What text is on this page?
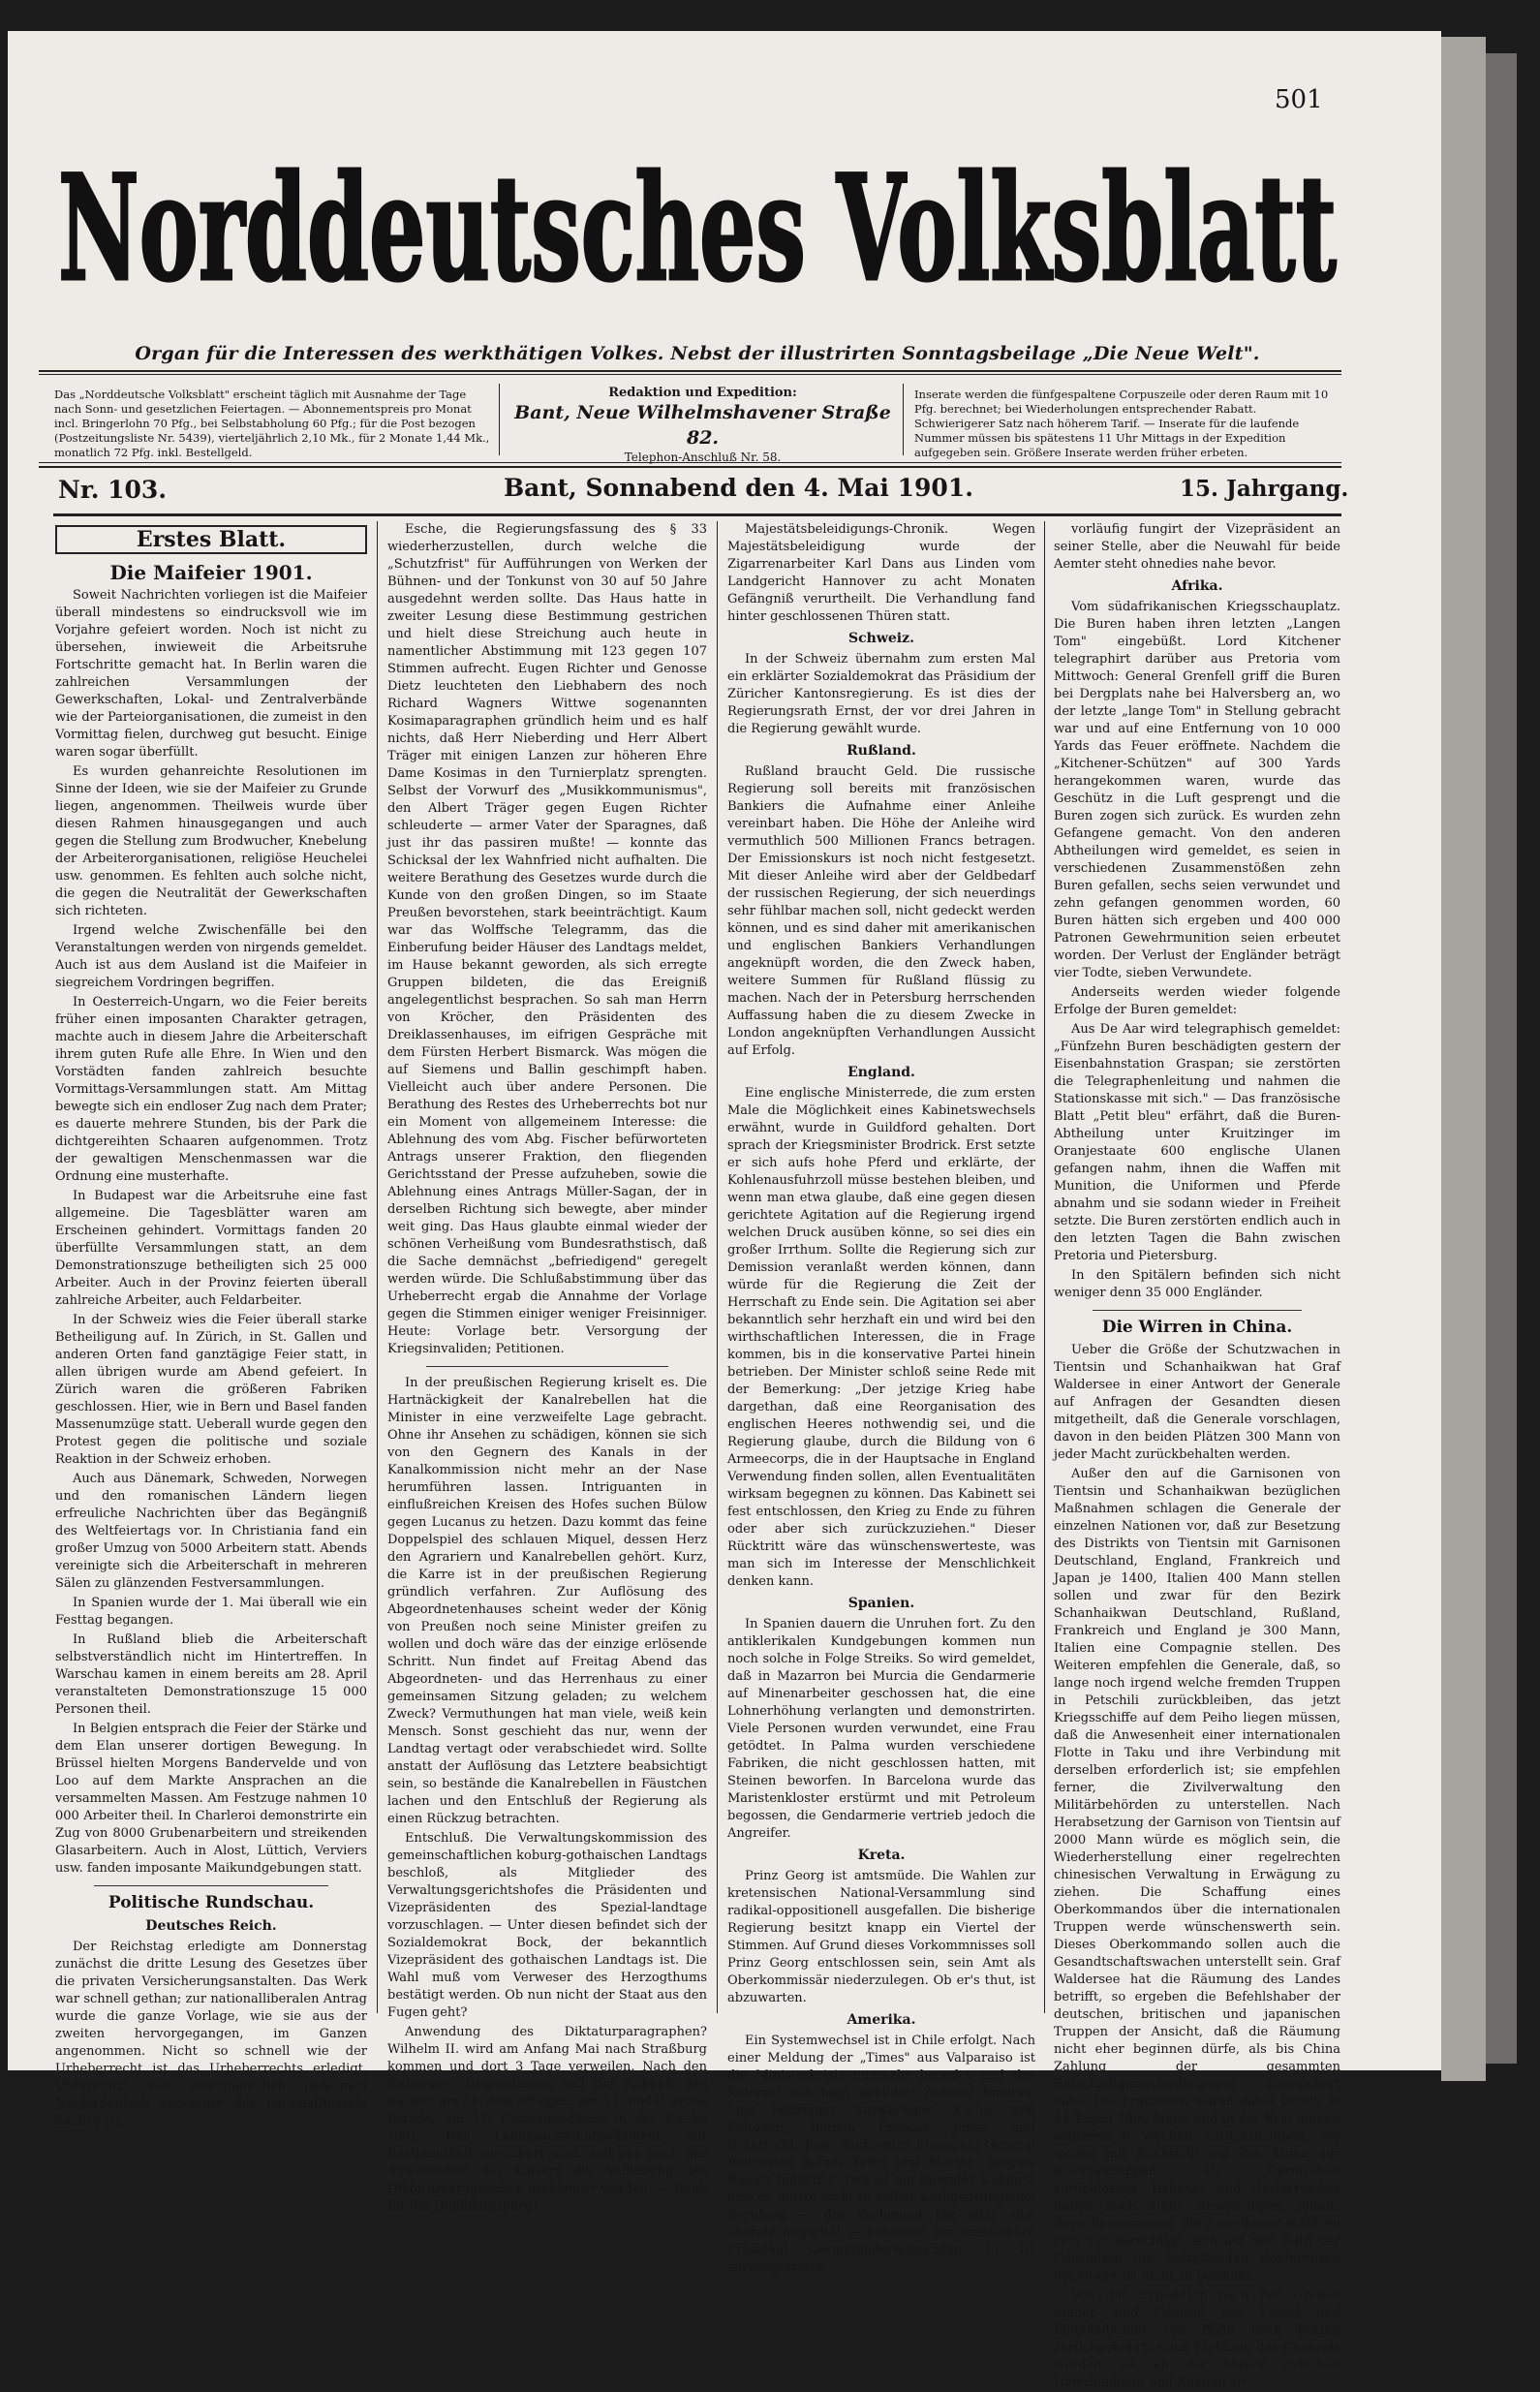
501
Norddeutsches Volksblatt
Organ für die Interessen des werkthätigen Volkes. Nebst der illustrirten Sonntagsbeilage „Die Neue Welt".
Das „Norddeutsche Volksblatt" erscheint täglich mit Ausnahme der Tage nach Sonn- und gesetzlichen Feiertagen. — Abonnementspreis pro Monat incl. Bringerlohn 70 Pfg., bei Selbstabholung 60 Pfg.; für die Post bezogen (Postzeitungsliste Nr. 5439), vierteljährlich 2,10 Mk., für 2 Monate 1,44 Mk., monatlich 72 Pfg. inkl. Bestellgeld.
Redaktion und Expedition:
Bant, Neue Wilhelmshavener Straße 82.
Telephon-Anschluß Nr. 58.
Inserate werden die fünfgespaltene Corpuszeile oder deren Raum mit 10 Pfg. berechnet; bei Wiederholungen entsprechender Rabatt. Schwierigerer Satz nach höherem Tarif. — Inserate für die laufende Nummer müssen bis spätestens 11 Uhr Mittags in der Expedition aufgegeben sein. Größere Inserate werden früher erbeten.
Nr. 103.	Bant, Sonnabend den 4. Mai 1901.	15. Jahrgang.
Erstes Blatt.
Die Maifeier 1901.

Soweit Nachrichten vorliegen ist die Maifeier überall mindestens so eindrucksvoll wie im Vorjahre gefeiert worden. Noch ist nicht zu übersehen, inwieweit die Arbeitsruhe Fortschritte gemacht hat. In Berlin waren die zahlreichen Versammlungen der Gewerkschaften, Lokal- und Zentralverbände wie der Parteiorganisationen, die zumeist in den Vormittag fielen, durchweg gut besucht. Einige waren sogar überfüllt.

Es wurden gehanreichte Resolutionen im Sinne der Ideen, wie sie der Maifeier zu Grunde liegen, angenommen. Theilweis wurde über diesen Rahmen hinausgegangen und auch gegen die Stellung zum Brodwucher, Knebelung der Arbeiterorganisationen, religiöse Heuchelei usw. genommen. Es fehlten auch solche nicht, die gegen die Neutralität der Gewerkschaften sich richteten.

Irgend welche Zwischenfälle bei den Veranstaltungen werden von nirgends gemeldet. Auch ist aus dem Ausland ist die Maifeier in siegreichem Vordringen begriffen.

In Oesterreich-Ungarn, wo die Feier bereits früher einen imposanten Charakter getragen, machte auch in diesem Jahre die Arbeiterschaft ihrem guten Rufe alle Ehre. In Wien und den Vorstädten fanden zahlreich besuchte Vormittags-Versammlungen statt. Am Mittag bewegte sich ein endloser Zug nach dem Prater; es dauerte mehrere Stunden, bis der Park die dichtgereihten Schaaren aufgenommen. Trotz der gewaltigen Menschenmassen war die Ordnung eine musterhafte.

In Budapest war die Arbeitsruhe eine fast allgemeine. Die Tagesblätter waren am Erscheinen gehindert. Vormittags fanden 20 überfüllte Versammlungen statt, an dem Demonstrationszuge betheiligten sich 25 000 Arbeiter. Auch in der Provinz feierten überall zahlreiche Arbeiter, auch Feldarbeiter.

In der Schweiz wies die Feier überall starke Betheiligung auf. In Zürich, in St. Gallen und anderen Orten fand ganztägige Feier statt, in allen übrigen wurde am Abend gefeiert. In Zürich waren die größeren Fabriken geschlossen. Hier, wie in Bern und Basel fanden Massenumzüge statt. Ueberall wurde gegen den Protest gegen die politische und soziale Reaktion in der Schweiz erhoben.

Auch aus Dänemark, Schweden, Norwegen und den romanischen Ländern liegen erfreuliche Nachrichten über das Begängniß des Weltfeiertags vor. In Christiania fand ein großer Umzug von 5000 Arbeitern statt. Abends vereinigte sich die Arbeiterschaft in mehreren Sälen zu glänzenden Festversammlungen.

In Spanien wurde der 1. Mai überall wie ein Festtag begangen.

In Rußland blieb die Arbeiterschaft selbstverständlich nicht im Hintertreffen. In Warschau kamen in einem bereits am 28. April veranstalteten Demonstrationszuge 15 000 Personen theil.

In Belgien entsprach die Feier der Stärke und dem Elan unserer dortigen Bewegung. In Brüssel hielten Morgens Bandervelde und von Loo auf dem Markte Ansprachen an die versammelten Massen. Am Festzuge nahmen 10 000 Arbeiter theil. In Charleroi demonstrirte ein Zug von 8000 Grubenarbeitern und streikenden Glasarbeitern. Auch in Alost, Lüttich, Verviers usw. fanden imposante Maikundgebungen statt.

Politische Rundschau.
Deutsches Reich.

Der Reichstag erledigte am Donnerstag zunächst die dritte Lesung des Gesetzes über die privaten Versicherungsanstalten. Das Werk war schnell gethan; zur nationalliberalen Antrag wurde die ganze Vorlage, wie sie aus der zweiten hervorgegangen, im Ganzen angenommen. Nicht so schnell wie der Urheberrecht ist das Urheberrechts erledigt. Unterstützt von unschuldvollen geheimen Niederdeutsch versuchte der nationalliberale Sachse Dr.

Esche, die Regierungsfassung des § 33 wiederherzustellen, durch welche die „Schutzfrist" für Aufführungen von Werken der Bühnen- und der Tonkunst von 30 auf 50 Jahre ausgedehnt werden sollte. Das Haus hatte in zweiter Lesung diese Bestimmung gestrichen und hielt diese Streichung auch heute in namentlicher Abstimmung mit 123 gegen 107 Stimmen aufrecht. Eugen Richter und Genosse Dietz leuchteten den Liebhabern des noch Richard Wagners Wittwe sogenannten Kosimaparagraphen gründlich heim und es half nichts, daß Herr Nieberding und Herr Albert Träger mit einigen Lanzen zur höheren Ehre Dame Kosimas in den Turnierplatz sprengten. Selbst der Vorwurf des „Musikkommunismus", den Albert Träger gegen Eugen Richter schleuderte — armer Vater der Sparagnes, daß just ihr das passiren mußte! — konnte das Schicksal der lex Wahnfried nicht aufhalten. Die weitere Berathung des Gesetzes wurde durch die Kunde von den großen Dingen, so im Staate Preußen bevorstehen, stark beeinträchtigt. Kaum war das Wolffsche Telegramm, das die Einberufung beider Häuser des Landtags meldet, im Hause bekannt geworden, als sich erregte Gruppen bildeten, die das Ereigniß angelegentlichst besprachen. So sah man Herrn von Kröcher, den Präsidenten des Dreiklassenhauses, im eifrigen Gespräche mit dem Fürsten Herbert Bismarck. Was mögen die auf Siemens und Ballin geschimpft haben. Vielleicht auch über andere Personen. Die Berathung des Restes des Urheberrechts bot nur ein Moment von allgemeinem Interesse: die Ablehnung des vom Abg. Fischer befürworteten Antrags unserer Fraktion, den fliegenden Gerichtsstand der Presse aufzuheben, sowie die Ablehnung eines Antrags Müller-Sagan, der in derselben Richtung sich bewegte, aber minder weit ging. Das Haus glaubte einmal wieder der schönen Verheißung vom Bundesrathstisch, daß die Sache demnächst „befriedigend" geregelt werden würde. Die Schlußabstimmung über das Urheberrecht ergab die Annahme der Vorlage gegen die Stimmen einiger weniger Freisinniger. Heute: Vorlage betr. Versorgung der Kriegsinvaliden; Petitionen.

In der preußischen Regierung kriselt es. Die Hartnäckigkeit der Kanalrebellen hat die Minister in eine verzweifelte Lage gebracht. Ohne ihr Ansehen zu schädigen, können sie sich von den Gegnern des Kanals in der Kanalkommission nicht mehr an der Nase herumführen lassen. Intriguanten in einflußreichen Kreisen des Hofes suchen Bülow gegen Lucanus zu hetzen. Dazu kommt das feine Doppelspiel des schlauen Miquel, dessen Herz den Agrariern und Kanalrebellen gehört. Kurz, die Karre ist in der preußischen Regierung gründlich verfahren. Zur Auflösung des Abgeordnetenhauses scheint weder der König von Preußen noch seine Minister greifen zu wollen und doch wäre das der einzige erlösende Schritt. Nun findet auf Freitag Abend das Abgeordneten- und das Herrenhaus zu einer gemeinsamen Sitzung geladen; zu welchem Zweck? Vermuthungen hat man viele, weiß kein Mensch. Sonst geschieht das nur, wenn der Landtag vertagt oder verabschiedet wird. Sollte anstatt der Auflösung das Letztere beabsichtigt sein, so bestände die Kanalrebellen in Fäustchen lachen und den Entschluß der Regierung als einen Rückzug betrachten.

Entschluß. Die Verwaltungskommission des gemeinschaftlichen koburg-gothaischen Landtags beschloß, als Mitglieder des Verwaltungsgerichtshofes die Präsidenten und Vizepräsidenten des Spezial-landtage vorzuschlagen. — Unter diesen befindet sich der Sozialdemokrat Bock, der bekanntlich Vizepräsident des gothaischen Landtags ist. Die Wahl muß vom Verweser des Herzogthums bestätigt werden. Ob nun nicht der Staat aus den Fugen geht?

Anwendung des Diktaturparagraphen? Wilhelm II. wird am Anfang Mai nach Straßburg kommen und dort 3 Tage verweilen. Nach den bisherigen Dispositionen soll die Ankunft des Kaisers am 10. Mai erfolgen; am 11. findet große Parade, am 12. Festgottesdienst in der Kirche statt. Der Landesausschußpräsident mit Bestimmtheit versichert wird, soll nun auch der Anwesenheit des Kaisers die Aufhebung des Diktaturparagraphen proklamirt werden. — Dank für die Hohkönigsburg!

Majestätsbeleidigungs-Chronik. Wegen Majestätsbeleidigung wurde der Zigarrenarbeiter Karl Dans aus Linden vom Landgericht Hannover zu acht Monaten Gefängniß verurtheilt. Die Verhandlung fand hinter geschlossenen Thüren statt.

Schweiz.

In der Schweiz übernahm zum ersten Mal ein erklärter Sozialdemokrat das Präsidium der Züricher Kantonsregierung. Es ist dies der Regierungsrath Ernst, der vor drei Jahren in die Regierung gewählt wurde.

Rußland.

Rußland braucht Geld. Die russische Regierung soll bereits mit französischen Bankiers die Aufnahme einer Anleihe vereinbart haben. Die Höhe der Anleihe wird vermuthlich 500 Millionen Francs betragen. Der Emissionskurs ist noch nicht festgesetzt. Mit dieser Anleihe wird aber der Geldbedarf der russischen Regierung, der sich neuerdings sehr fühlbar machen soll, nicht gedeckt werden können, und es sind daher mit amerikanischen und englischen Bankiers Verhandlungen angeknüpft worden, die den Zweck haben, weitere Summen für Rußland flüssig zu machen. Nach der in Petersburg herrschenden Auffassung haben die zu diesem Zwecke in London angeknüpften Verhandlungen Aussicht auf Erfolg.

England.

Eine englische Ministerrede, die zum ersten Male die Möglichkeit eines Kabinetswechsels erwähnt, wurde in Guildford gehalten. Dort sprach der Kriegsminister Brodrick. Erst setzte er sich aufs hohe Pferd und erklärte, der Kohlenausfuhrzoll müsse bestehen bleiben, und wenn man etwa glaube, daß eine gegen diesen gerichtete Agitation auf die Regierung irgend welchen Druck ausüben könne, so sei dies ein großer Irrthum. Sollte die Regierung sich zur Demission veranlaßt werden können, dann würde für die Regierung die Zeit der Herrschaft zu Ende sein. Die Agitation sei aber bekanntlich sehr herzhaft ein und wird bei den wirthschaftlichen Interessen, die in Frage kommen, bis in die konservative Partei hinein betrieben. Der Minister schloß seine Rede mit der Bemerkung: „Der jetzige Krieg habe dargethan, daß eine Reorganisation des englischen Heeres nothwendig sei, und die Regierung glaube, durch die Bildung von 6 Armeecorps, die in der Hauptsache in England Verwendung finden sollen, allen Eventualitäten wirksam begegnen zu können. Das Kabinett sei fest entschlossen, den Krieg zu Ende zu führen oder aber sich zurückzuziehen." Dieser Rücktritt wäre das wünschenswerteste, was man sich im Interesse der Menschlichkeit denken kann.

Spanien.

In Spanien dauern die Unruhen fort. Zu den antiklerikalen Kundgebungen kommen nun noch solche in Folge Streiks. So wird gemeldet, daß in Mazarron bei Murcia die Gendarmerie auf Minenarbeiter geschossen hat, die eine Lohnerhöhung verlangten und demonstrirten. Viele Personen wurden verwundet, eine Frau getödtet. In Palma wurden verschiedene Fabriken, die nicht geschlossen hatten, mit Steinen beworfen. In Barcelona wurde das Maristenkloster erstürmt und mit Petroleum begossen, die Gendarmerie vertrieb jedoch die Angreifer.

Kreta.

Prinz Georg ist amtsmüde. Die Wahlen zur kretensischen National-Versammlung sind radikal-oppositionell ausgefallen. Die bisherige Regierung besitzt knapp ein Viertel der Stimmen. Auf Grund dieses Vorkommnisses soll Prinz Georg entschlossen sein, sein Amt als Oberkommissär niederzulegen. Ob er's thut, ist abzuwarten.

Amerika.

Ein Systemwechsel ist in Chile erfolgt. Nach einer Meldung der „Times" aus Valparaiso ist die Ministerkrisis nunmehr beendet und das Kabinett wie folgt gebildet: Zanartu Inneres; Luis Rodriguez Auswärtiges, Kultus und Kolonien; Ramon Escobar Justiz und Unterricht; Juan Sanfuentes Finanzen; General Benceslao Bulnes Krieg und Marine; Joaquin Blanco Industrie. Das ist ein liberales Kabinett und es dürfte wohl in seiner nothgedrungenen Berufung — das Parlament hat jetzt eine liberale Majorität — bekommt der reaktionäre Präsident Gesundheitsrücksichten. Er ist zurückgetreten,

vorläufig fungirt der Vizepräsident an seiner Stelle, aber die Neuwahl für beide Aemter steht ohnedies nahe bevor.

Afrika.

Vom südafrikanischen Kriegsschauplatz. Die Buren haben ihren letzten „Langen Tom" eingebüßt. Lord Kitchener telegraphirt darüber aus Pretoria vom Mittwoch: General Grenfell griff die Buren bei Dergplats nahe bei Halversberg an, wo der letzte „lange Tom" in Stellung gebracht war und auf eine Entfernung von 10 000 Yards das Feuer eröffnete. Nachdem die „Kitchener-Schützen" auf 300 Yards herangekommen waren, wurde das Geschütz in die Luft gesprengt und die Buren zogen sich zurück. Es wurden zehn Gefangene gemacht. Von den anderen Abtheilungen wird gemeldet, es seien in verschiedenen Zusammenstößen zehn Buren gefallen, sechs seien verwundet und zehn gefangen genommen worden, 60 Buren hätten sich ergeben und 400 000 Patronen Gewehrmunition seien erbeutet worden. Der Verlust der Engländer beträgt vier Todte, sieben Verwundete.

Anderseits werden wieder folgende Erfolge der Buren gemeldet:

Aus De Aar wird telegraphisch gemeldet: „Fünfzehn Buren beschädigten gestern der Eisenbahnstation Graspan; sie zerstörten die Telegraphenleitung und nahmen die Stationskasse mit sich." — Das französische Blatt „Petit bleu" erfährt, daß die Buren-Abtheilung unter Kruitzinger im Oranjestaate 600 englische Ulanen gefangen nahm, ihnen die Waffen mit Munition, die Uniformen und Pferde abnahm und sie sodann wieder in Freiheit setzte. Die Buren zerstörten endlich auch in den letzten Tagen die Bahn zwischen Pretoria und Pietersburg.

In den Spitälern befinden sich nicht weniger denn 35 000 Engländer.

Die Wirren in China.

Ueber die Größe der Schutzwachen in Tientsin und Schanhaikwan hat Graf Waldersee in einer Antwort der Generale auf Anfragen der Gesandten diesen mitgetheilt, daß die Generale vorschlagen, davon in den beiden Plätzen 300 Mann von jeder Macht zurückbehalten werden.

Außer den auf die Garnisonen von Tientsin und Schanhaikwan bezüglichen Maßnahmen schlagen die Generale der einzelnen Nationen vor, daß zur Besetzung des Distrikts von Tientsin mit Garnisonen Deutschland, England, Frankreich und Japan je 1400, Italien 400 Mann stellen sollen und zwar für den Bezirk Schanhaikwan Deutschland, Rußland, Frankreich und England je 300 Mann, Italien eine Compagnie stellen. Des Weiteren empfehlen die Generale, daß, so lange noch irgend welche fremden Truppen in Petschili zurückbleiben, das jetzt Kriegsschiffe auf dem Peiho liegen müssen, daß die Anwesenheit einer internationalen Flotte in Taku und ihre Verbindung mit derselben erforderlich ist; sie empfehlen ferner, die Zivilverwaltung den Militärbehörden zu unterstellen. Nach Herabsetzung der Garnison von Tientsin auf 2000 Mann würde es möglich sein, die Wiederherstellung einer regelrechten chinesischen Verwaltung in Erwägung zu ziehen. Die Schaffung eines Oberkommandos über die internationalen Truppen werde wünschenswerth sein. Dieses Oberkommando sollen auch die Gesandtschaftswachen unterstellt sein. Graf Waldersee hat die Räumung des Landes betrifft, so ergeben die Befehlshaber der deutschen, britischen und japanischen Truppen der Ansicht, daß die Räumung nicht eher beginnen dürfe, als bis China Zahlung der gesammten Entschädigungsforderungen zugesichert habe. Die Franzosen wären dabei bereit, in 14 Tagen 3000 Mann und in der Rest binnen weiteren 6 Wochen zurückzuziehen. Sie wollen mit Rücksicht auf das Klima nur Kolonialtruppen als Garnisonen zurücklassen. Italiener und Oesterreicher haben noch keine Anweisungen seitens ihrer Regierungen, die Amerikaner erklären sich nur berechtigt, sich auf den Rath der Gesandten der betreffenden Konferenzen der Generale nicht zu beziehen.

Von der Expedition nach der Großen Mauer sind General von Lessel und Flügeladjutant von Böhn nach Peking zurückgekehrt. Nach Meldung des Generals werden die an der Mauer zwischen Heischankuan und Kukuan an-
